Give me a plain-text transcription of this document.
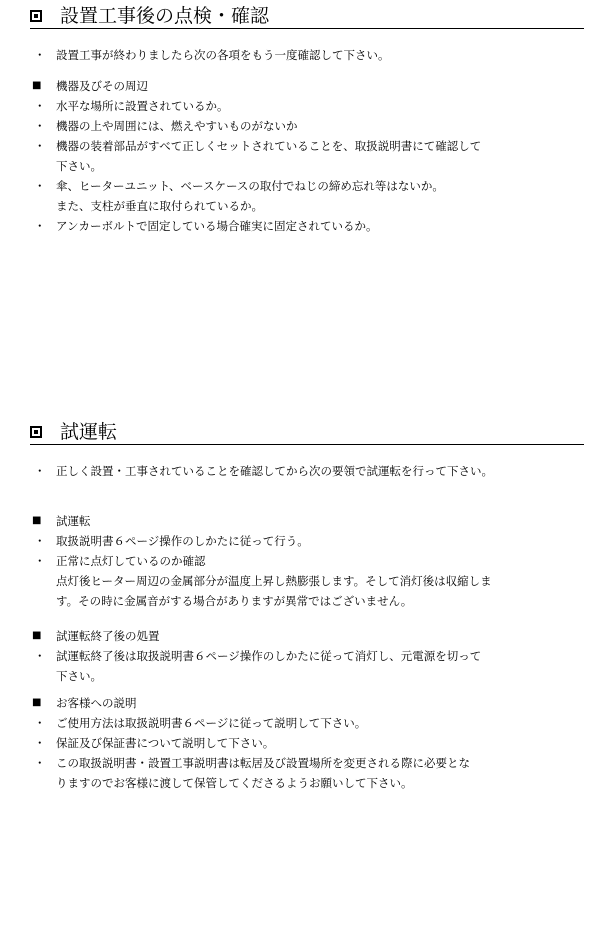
設置工事後の点検・確認
・ 設置工事が終わりましたら次の各項をもう一度確認して下さい。
■ 機器及びその周辺
・ 水平な場所に設置されているか。
・ 機器の上や周囲には、燃えやすいものがないか
・ 機器の装着部品がすべて正しくセットされていることを、取扱説明書にて確認して
下さい。
・ 傘、ヒーターユニット、ベースケースの取付でねじの締め忘れ等はないか。
また、支柱が垂直に取付られているか。
・ アンカーボルトで固定している場合確実に固定されているか。
試運転
・ 正しく設置・工事されていることを確認してから次の要領で試運転を行って下さい。
■ 試運転
・ 取扱説明書６ページ操作のしかたに従って行う。
・ 正常に点灯しているのか確認
点灯後ヒーター周辺の金属部分が温度上昇し熱膨張します。そして消灯後は収縮しま
す。その時に金属音がする場合がありますが異常ではございません。
■ 試運転終了後の処置
・ 試運転終了後は取扱説明書６ページ操作のしかたに従って消灯し、元電源を切って
下さい。
■ お客様への説明
・ ご使用方法は取扱説明書６ページに従って説明して下さい。
・ 保証及び保証書について説明して下さい。
・ この取扱説明書・設置工事説明書は転居及び設置場所を変更される際に必要とな
りますのでお客様に渡して保管してくださるようお願いして下さい。
